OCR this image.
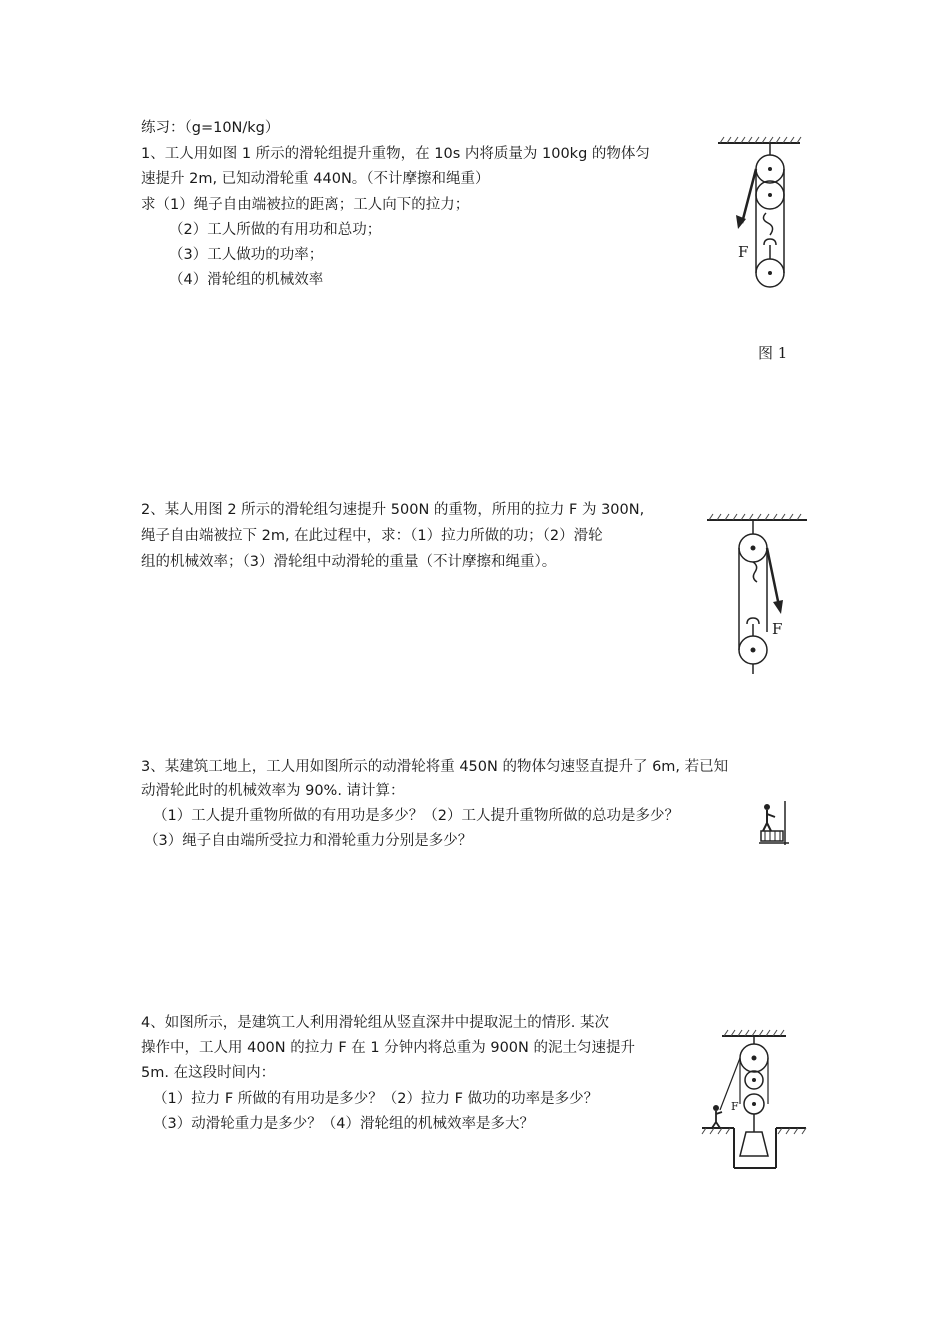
练习：（g=10N/kg）
1、工人用如图 1 所示的滑轮组提升重物，在 10s 内将质量为 100kg 的物体匀
速提升 2m, 已知动滑轮重 440N。（不计摩擦和绳重）
求（1）绳子自由端被拉的距离；工人向下的拉力；
（2）工人所做的有用功和总功；
（3）工人做功的功率；
（4）滑轮组的机械效率
F
图 1
2、某人用图 2 所示的滑轮组匀速提升 500N 的重物，所用的拉力 F 为 300N,
绳子自由端被拉下 2m, 在此过程中，求：（1）拉力所做的功；（2）滑轮
组的机械效率；（3）滑轮组中动滑轮的重量（不计摩擦和绳重）。
F
3、某建筑工地上，工人用如图所示的动滑轮将重 450N 的物体匀速竖直提升了 6m, 若已知
动滑轮此时的机械效率为 90%. 请计算：
（1）工人提升重物所做的有用功是多少？（2）工人提升重物所做的总功是多少？
（3）绳子自由端所受拉力和滑轮重力分别是多少？
4、如图所示，是建筑工人利用滑轮组从竖直深井中提取泥土的情形. 某次
操作中，工人用 400N 的拉力 F 在 1 分钟内将总重为 900N 的泥土匀速提升
5m. 在这段时间内：
（1）拉力 F 所做的有用功是多少？（2）拉力 F 做功的功率是多少？
（3）动滑轮重力是多少？（4）滑轮组的机械效率是多大？
F
